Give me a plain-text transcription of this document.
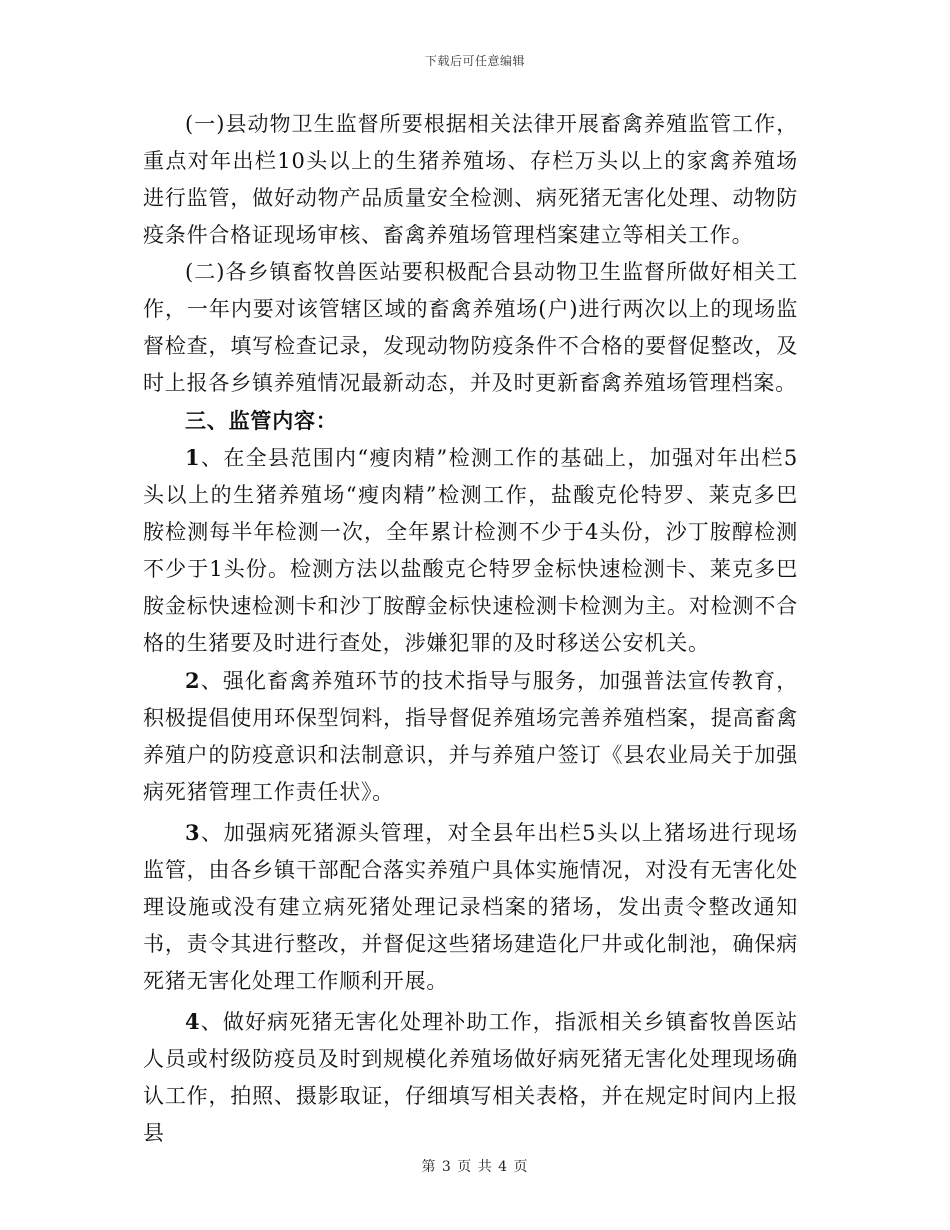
下载后可任意编辑

(一)县动物卫生监督所要根据相关法律开展畜禽养殖监管工作，重点对年出栏10头以上的生猪养殖场、存栏万头以上的家禽养殖场进行监管，做好动物产品质量安全检测、病死猪无害化处理、动物防疫条件合格证现场审核、畜禽养殖场管理档案建立等相关工作。

(二)各乡镇畜牧兽医站要积极配合县动物卫生监督所做好相关工作，一年内要对该管辖区域的畜禽养殖场(户)进行两次以上的现场监督检查，填写检查记录，发现动物防疫条件不合格的要督促整改，及时上报各乡镇养殖情况最新动态，并及时更新畜禽养殖场管理档案。

三、监管内容：

1、在全县范围内“瘦肉精”检测工作的基础上，加强对年出栏5头以上的生猪养殖场“瘦肉精”检测工作，盐酸克伦特罗、莱克多巴胺检测每半年检测一次，全年累计检测不少于4头份，沙丁胺醇检测不少于1头份。检测方法以盐酸克仑特罗金标快速检测卡、莱克多巴胺金标快速检测卡和沙丁胺醇金标快速检测卡检测为主。对检测不合格的生猪要及时进行查处，涉嫌犯罪的及时移送公安机关。

2、强化畜禽养殖环节的技术指导与服务，加强普法宣传教育，积极提倡使用环保型饲料，指导督促养殖场完善养殖档案，提高畜禽养殖户的防疫意识和法制意识，并与养殖户签订《县农业局关于加强病死猪管理工作责任状》。

3、加强病死猪源头管理，对全县年出栏5头以上猪场进行现场监管，由各乡镇干部配合落实养殖户具体实施情况，对没有无害化处理设施或没有建立病死猪处理记录档案的猪场，发出责令整改通知书，责令其进行整改，并督促这些猪场建造化尸井或化制池，确保病死猪无害化处理工作顺利开展。

4、做好病死猪无害化处理补助工作，指派相关乡镇畜牧兽医站人员或村级防疫员及时到规模化养殖场做好病死猪无害化处理现场确认工作，拍照、摄影取证，仔细填写相关表格，并在规定时间内上报县

第 3 页 共 4 页
